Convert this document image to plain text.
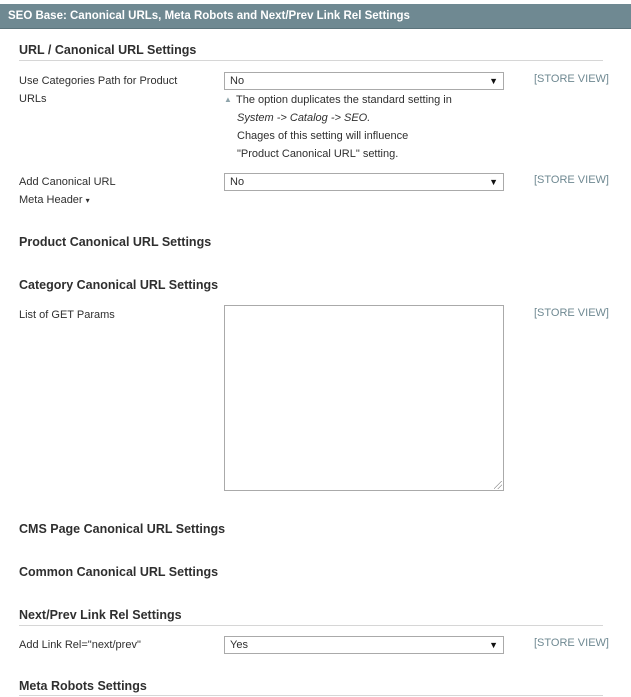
SEO Base: Canonical URLs, Meta Robots and Next/Prev Link Rel Settings
URL / Canonical URL Settings
Use Categories Path for Product
URLs
No	▼	[STORE VIEW]
▲ The option duplicates the standard setting in
System -> Catalog -> SEO.
Chages of this setting will influence
"Product Canonical URL" setting.
Add Canonical URL
Meta Header ▾
No	▼	[STORE VIEW]
Product Canonical URL Settings
Category Canonical URL Settings
List of GET Params	[STORE VIEW]
CMS Page Canonical URL Settings
Common Canonical URL Settings
Next/Prev Link Rel Settings
Add Link Rel="next/prev"	Yes	▼	[STORE VIEW]
Meta Robots Settings
